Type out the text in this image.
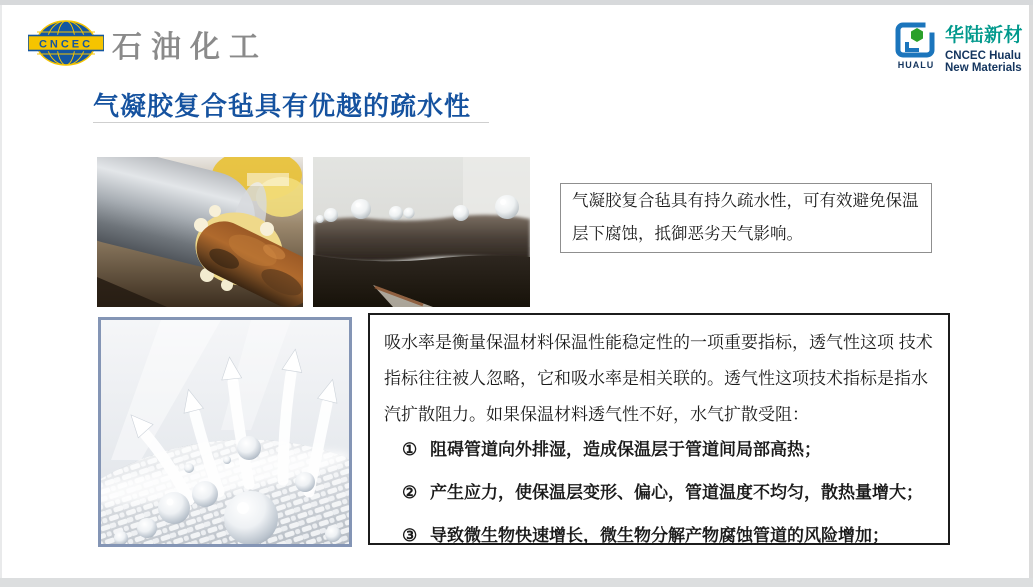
CNCEC 石油化工
HUALU
华陆新材
CNCEC Hualu
New Materials
气凝胶复合毡具有优越的疏水性
气凝胶复合毡具有持久疏水性，可有效避免保温层下腐蚀，抵御恶劣天气影响。
吸水率是衡量保温材料保温性能稳定性的一项重要指标，透气性这项 技术指标往往被人忽略，它和吸水率是相关联的。透气性这项技术指标是指水汽扩散阻力。如果保温材料透气性不好，水气扩散受阻：
① 阻碍管道向外排湿，造成保温层于管道间局部高热；
② 产生应力，使保温层变形、偏心，管道温度不均匀，散热量增大；
③ 导致微生物快速增长，微生物分解产物腐蚀管道的风险增加；
